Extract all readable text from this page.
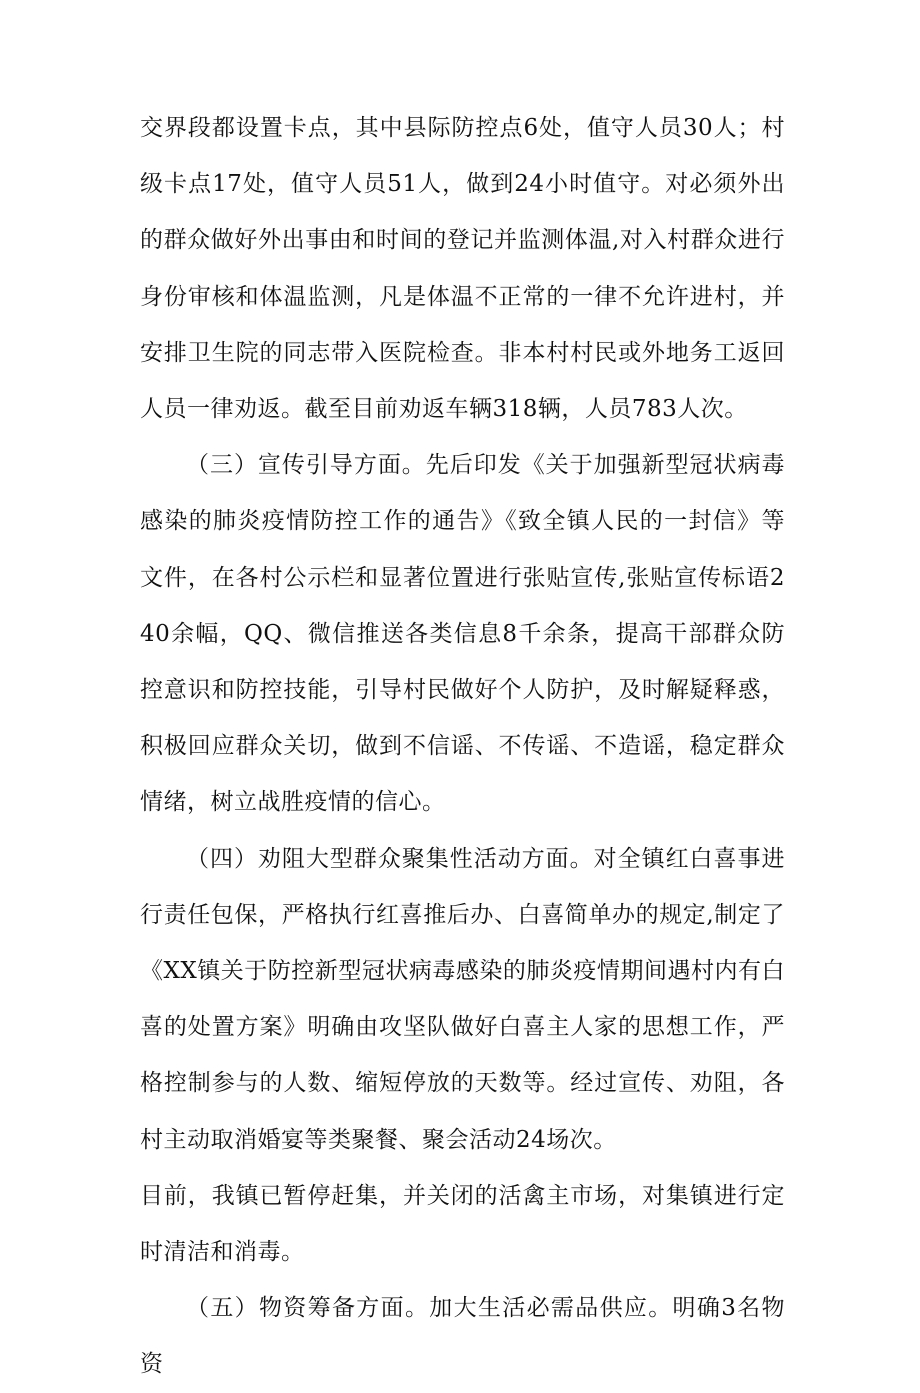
交界段都设置卡点，其中县际防控点6处，值守人员30人；村级卡点17处，值守人员51人，做到24小时值守。对必须外出的群众做好外出事由和时间的登记并监测体温,对入村群众进行身份审核和体温监测，凡是体温不正常的一律不允许进村，并安排卫生院的同志带入医院检查。非本村村民或外地务工返回人员一律劝返。截至目前劝返车辆318辆，人员783人次。

（三）宣传引导方面。先后印发《关于加强新型冠状病毒感染的肺炎疫情防控工作的通告》《致全镇人民的一封信》等文件，在各村公示栏和显著位置进行张贴宣传,张贴宣传标语240余幅，QQ、微信推送各类信息8千余条，提高干部群众防控意识和防控技能，引导村民做好个人防护，及时解疑释惑，积极回应群众关切，做到不信谣、不传谣、不造谣，稳定群众情绪，树立战胜疫情的信心。

（四）劝阻大型群众聚集性活动方面。对全镇红白喜事进行责任包保，严格执行红喜推后办、白喜简单办的规定,制定了《XX镇关于防控新型冠状病毒感染的肺炎疫情期间遇村内有白喜的处置方案》明确由攻坚队做好白喜主人家的思想工作，严格控制参与的人数、缩短停放的天数等。经过宣传、劝阻，各村主动取消婚宴等类聚餐、聚会活动24场次。

目前，我镇已暂停赶集，并关闭的活禽主市场，对集镇进行定时清洁和消毒。

（五）物资筹备方面。加大生活必需品供应。明确3名物资
